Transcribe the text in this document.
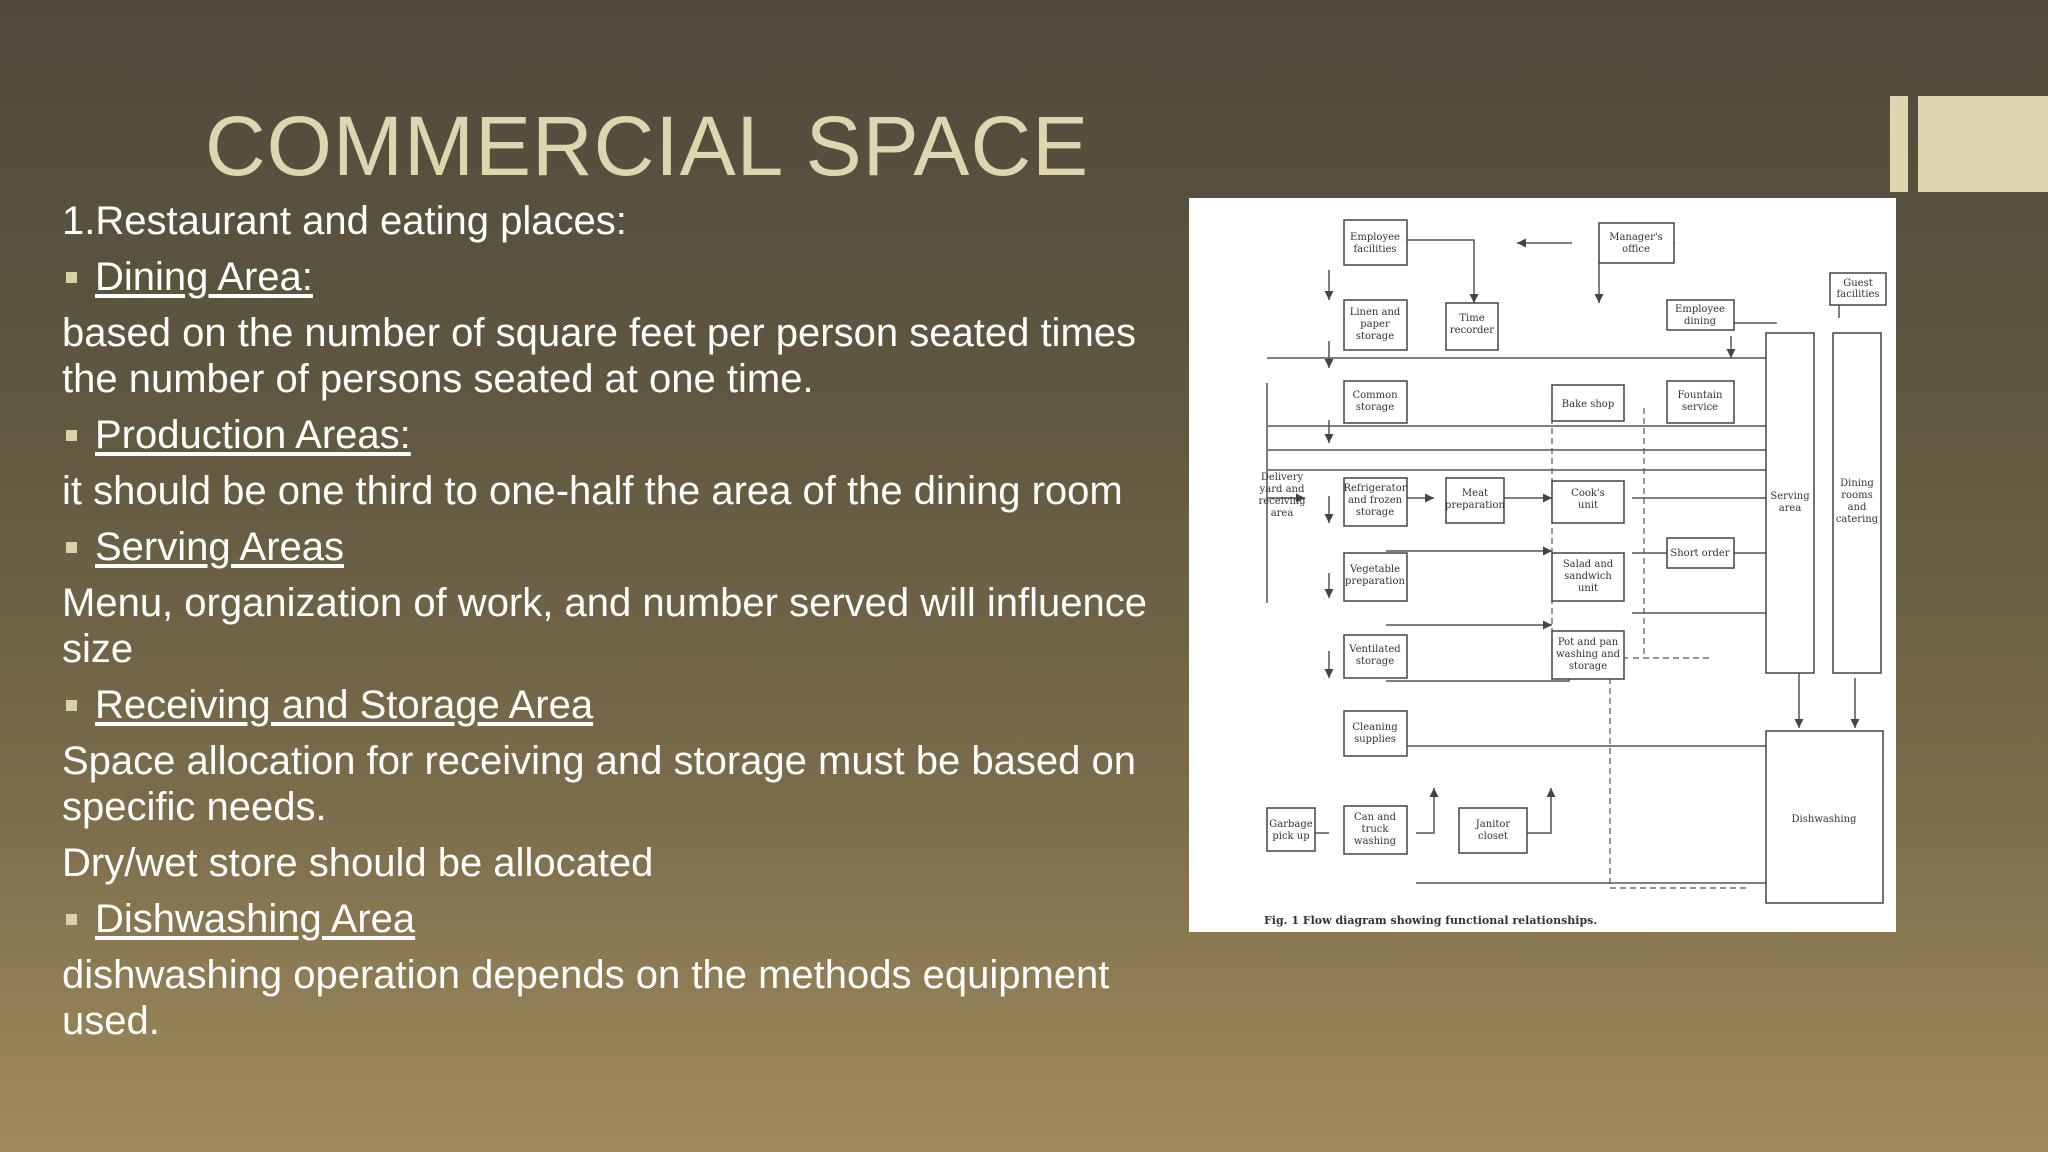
COMMERCIAL SPACE

1.Restaurant and eating places:

Dining Area:

based on the number of square feet per person seated times the number of persons seated at one time.

Production Areas:

it should be one third to one-half the area of the dining room

Serving Areas

Menu, organization of work, and number served will influence size

Receiving and Storage Area

Space allocation for receiving and storage must be based on specific needs.

Dry/wet store should be allocated

Dishwashing Area

dishwashing operation depends on the methods equipment used.

Employee
facilities
Manager's
office
Guest
facilities
Linen and
paper
storage
Time
recorder
Employee
dining
Common
storage	Bake shop
Fountain
service
Delivery
yard and
receiving
area
Refrigerator
and frozen
storage
Meat
preparation
Cook's
unit
Serving
area
Dining
rooms
and
catering
Short order
Vegetable
preparation
Salad and
sandwich
unit
Ventilated
storage
Pot and pan
washing and
storage
Cleaning
supplies
Dishwashing
Garbage
pick up
Can and
truck
washing
Janitor
closet
Fig. 1 Flow diagram showing functional relationships.
